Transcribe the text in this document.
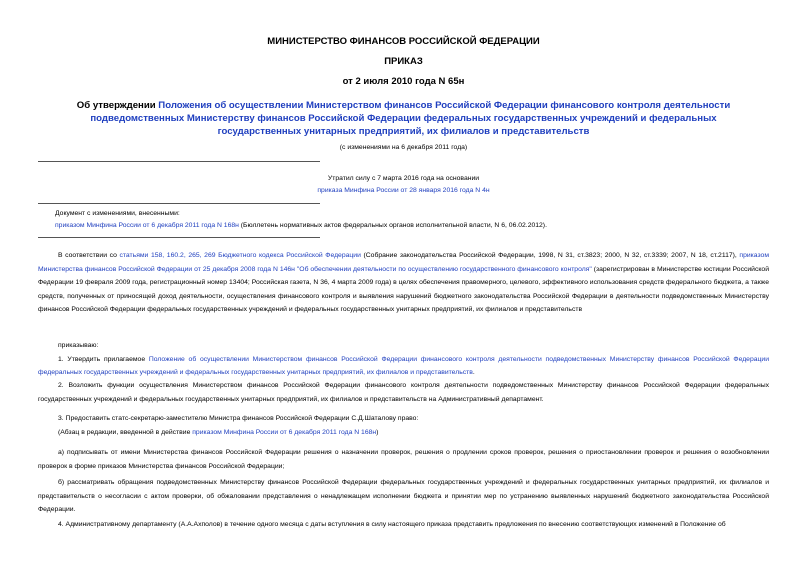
МИНИСТЕРСТВО ФИНАНСОВ РОССИЙСКОЙ ФЕДЕРАЦИИ
ПРИКАЗ
от 2 июля 2010 года N 65н
Об утверждении Положения об осуществлении Министерством финансов Российской Федерации финансового контроля деятельности подведомственных Министерству финансов Российской Федерации федеральных государственных учреждений и федеральных государственных унитарных предприятий, их филиалов и представительств
(с изменениями на 6 декабря 2011 года)
Утратил силу с 7 марта 2016 года на основании
приказа Минфина России от 28 января 2016 года N 4н
Документ с изменениями, внесенными:
приказом Минфина России от 6 декабря 2011 года N 168н (Бюллетень нормативных актов федеральных органов исполнительной власти, N 6, 06.02.2012).

В соответствии со статьями 158, 160.2, 265, 269 Бюджетного кодекса Российской Федерации (Собрание законодательства Российской Федерации, 1998, N 31, ст.3823; 2000, N 32, ст.3339; 2007, N 18, ст.2117), приказом Министерства финансов Российской Федерации от 25 декабря 2008 года N 146н "Об обеспечении деятельности по осуществлению государственного финансового контроля" (зарегистрирован в Министерстве юстиции Российской Федерации 19 февраля 2009 года, регистрационный номер 13404; Российская газета, N 36, 4 марта 2009 года) в целях обеспечения правомерного, целевого, эффективного использования средств федерального бюджета, а также средств, полученных от приносящей доход деятельности, осуществления финансового контроля и выявления нарушений бюджетного законодательства Российской Федерации в деятельности подведомственных Министерству финансов Российской Федерации федеральных государственных учреждений и федеральных государственных унитарных предприятий, их филиалов и представительств

приказываю:

1. Утвердить прилагаемое Положение об осуществлении Министерством финансов Российской Федерации финансового контроля деятельности подведомственных Министерству финансов Российской Федерации федеральных государственных учреждений и федеральных государственных унитарных предприятий, их филиалов и представительств.

2. Возложить функции осуществления Министерством финансов Российской Федерации финансового контроля деятельности подведомственных Министерству финансов Российской Федерации федеральных государственных учреждений и федеральных государственных унитарных предприятий, их филиалов и представительств на Административный департамент.

3. Предоставить статс-секретарю-заместителю Министра финансов Российской Федерации С.Д.Шаталову право:

(Абзац в редакции, введенной в действие приказом Минфина России от 6 декабря 2011 года N 168н)

а) подписывать от имени Министерства финансов Российской Федерации решения о назначении проверок, решения о продлении сроков проверок, решения о приостановлении проверок и решения о возобновлении проверок в форме приказов Министерства финансов Российской Федерации;

б) рассматривать обращения подведомственных Министерству финансов Российской Федерации федеральных государственных учреждений и федеральных государственных унитарных предприятий, их филиалов и представительств о несогласии с актом проверки, об обжаловании представления о ненадлежащем исполнении бюджета и принятии мер по устранению выявленных нарушений бюджетного законодательства Российской Федерации.

4. Административному департаменту (А.А.Ахполов) в течение одного месяца с даты вступления в силу настоящего приказа представить предложения по внесению соответствующих изменений в Положение об
